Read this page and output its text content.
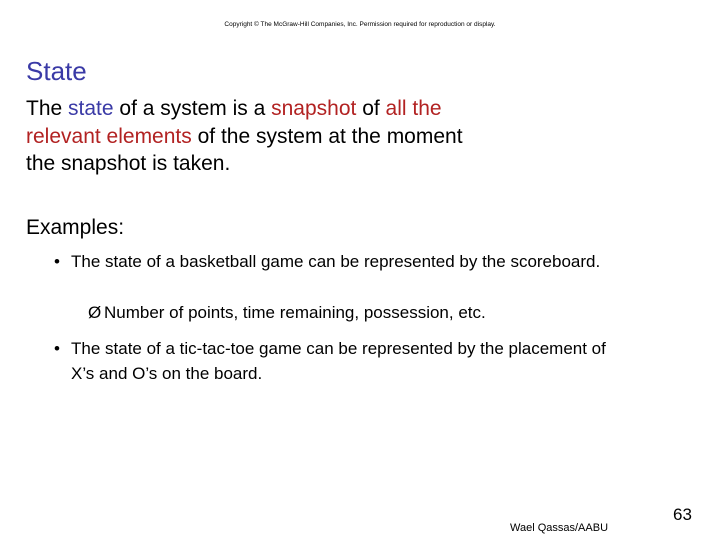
Copyright © The McGraw-Hill Companies, Inc. Permission required for reproduction or display.
State

The state of a system is a snapshot of all the relevant elements of the system at the moment the snapshot is taken.

Examples:

• The state of a basketball game can be represented by the scoreboard.
Ø Number of points, time remaining, possession, etc.
• The state of a tic-tac-toe game can be represented by the placement of X’s and O’s on the board.
Wael Qassas/AABU
63
